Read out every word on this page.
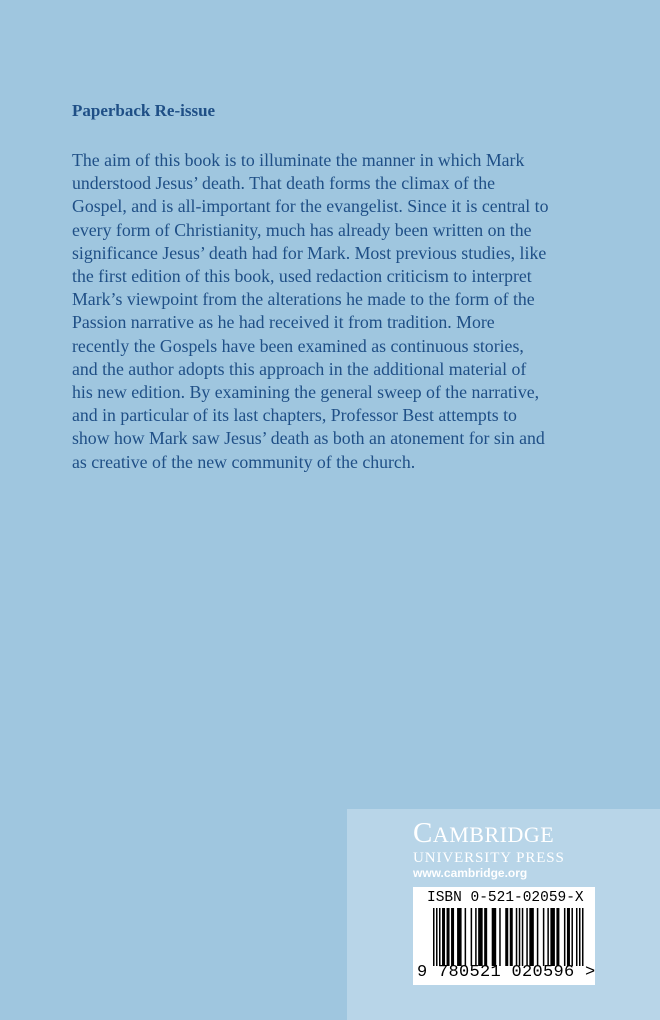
Paperback Re-issue

The aim of this book is to illuminate the manner in which Mark
understood Jesus’ death. That death forms the climax of the
Gospel, and is all-important for the evangelist. Since it is central to
every form of Christianity, much has already been written on the
significance Jesus’ death had for Mark. Most previous studies, like
the first edition of this book, used redaction criticism to interpret
Mark’s viewpoint from the alterations he made to the form of the
Passion narrative as he had received it from tradition. More
recently the Gospels have been examined as continuous stories,
and the author adopts this approach in the additional material of
his new edition. By examining the general sweep of the narrative,
and in particular of its last chapters, Professor Best attempts to
show how Mark saw Jesus’ death as both an atonement for sin and
as creative of the new community of the church.

CAMBRIDGE
UNIVERSITY PRESS
www.cambridge.org
ISBN 0-521-02059-X
9 780521 020596 >
